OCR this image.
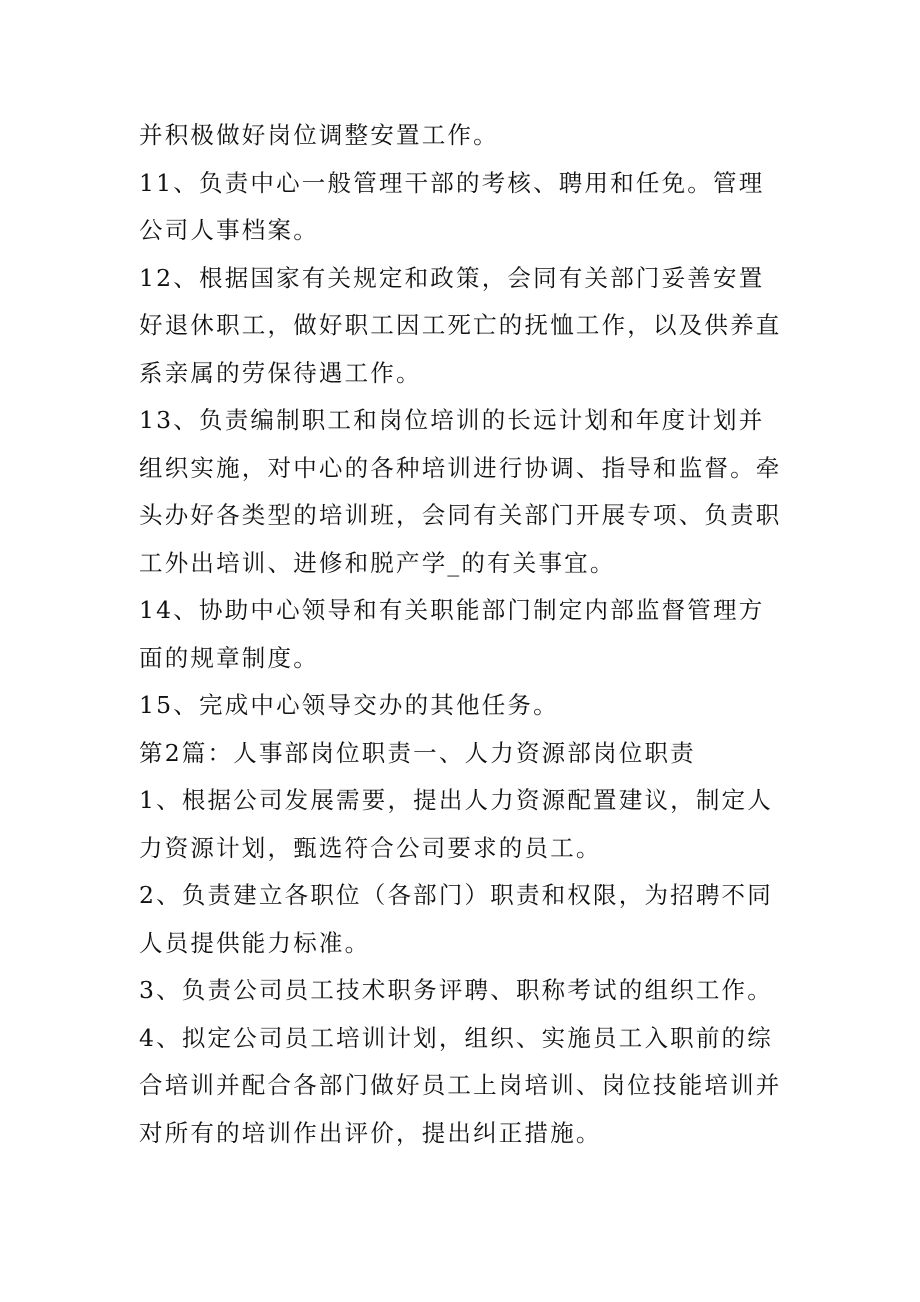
并积极做好岗位调整安置工作。

11、负责中心一般管理干部的考核、聘用和任免。管理公司人事档案。

12、根据国家有关规定和政策，会同有关部门妥善安置好退休职工，做好职工因工死亡的抚恤工作，以及供养直系亲属的劳保待遇工作。

13、负责编制职工和岗位培训的长远计划和年度计划并组织实施，对中心的各种培训进行协调、指导和监督。牵头办好各类型的培训班，会同有关部门开展专项、负责职工外出培训、进修和脱产学_的有关事宜。

14、协助中心领导和有关职能部门制定内部监督管理方面的规章制度。

15、完成中心领导交办的其他任务。

第2篇：人事部岗位职责一、人力资源部岗位职责

1、根据公司发展需要，提出人力资源配置建议，制定人力资源计划，甄选符合公司要求的员工。

2、负责建立各职位（各部门）职责和权限，为招聘不同人员提供能力标准。

3、负责公司员工技术职务评聘、职称考试的组织工作。

4、拟定公司员工培训计划，组织、实施员工入职前的综合培训并配合各部门做好员工上岗培训、岗位技能培训并对所有的培训作出评价，提出纠正措施。
